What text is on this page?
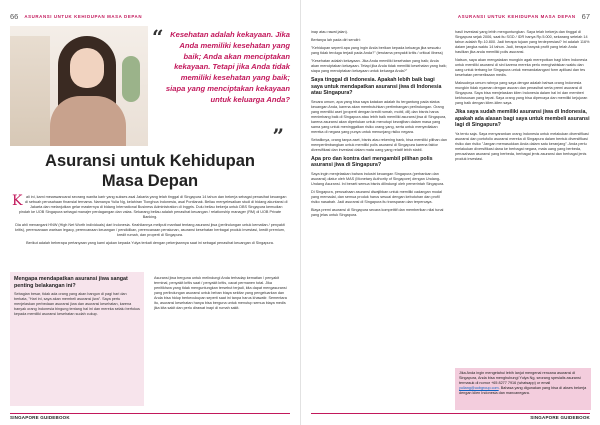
66 ASURANSI UNTUK KEHIDUPAN MASA DEPAN
“ Kesehatan adalah kekayaan. Jika Anda memiliki kesehatan yang baik; Anda akan menciptakan kekayaan. Tetapi jika Anda tidak memiliki kesehatan yang baik; siapa yang menciptakan kekayaan untuk keluarga Anda?
”
Asuransi untuk Kehidupan
Masa Depan

Kali ini, kami mewawancarai seorang wanita karir yang sukses asal Jakarta yang telah tinggal di Singapura 14 tahun dan bekerja sebagai penasihat keuangan di sebuah perusahaan finansial ternama. Namanya Yulia Ng, kelahiran Tionghoa Indonesia, asal Pontianak. Beliau menyelesaikan studi di bidang akuntansi di Jakarta dan melanjutkan gelar masternya di bidang International Business Administration di Inggris. Dulu beliau bekerja untuk DBS Singapura kemudian pindah ke UOB Singapura sebagai manajer perdagangan dan valas. Sekarang beliau adalah penasihat keuangan / relationship manager (RM) di UOB Private Banking.

Dia ahli menangani HNW (High Net Worth individuals) dari Indonesia. Keahliannya meliputi manfaat tentang asuransi jiwa (perlindungan untuk kematian / penyakit kritis), perencanaan warisan legacy, perencanaan keuangan / pendidikan, perencanaan pensiunan, asuransi kesehatan berbagai produk investasi, kredit premium, kredit rumah, dan properti di Singapura.

Berikut adalah beberapa pertanyaan yang kami ajukan kepada Yulya terkait dengan pekerjaannya saat ini sebagai penasihat keuangan di Singapura.

Mengapa mendapatkan asuransi jiwa sangat penting belakangan ini?
Sebagian besar, tidak ada orang yang akan bangun di pagi hari dan berkata, "Hari ini, saya akan membeli asuransi jiwa". Saya pertu menjelaskan perbedaan asuransi jiwa dan asuransi kesehatan, karena banyak orang Indonesia bingung tentang hal ini dan mereka selalu berfokus kepada memiliki asuransi kesehatan sudah cukup.
Asuransi jiwa berguna untuk melindungi Anda terhadap kematian / penyakit terminal, penyakit kritis saat / penyakit kritis, cacat permanen total. Jika penitikhwa yang tidak menguntungkan tersebut terjadi, kita dapat mengasuransi yang perlindungan asuransi untuk beban biaya sekitar yang pengeluarkan dan Anda bisa hidup berkecukupan seperti saat ini tanpa harus khawatir. Sementara itu, asuransi kesehatan hanya bisa berguna untuk menutup semua biaya medis jika kita sakit dan perlu dirawat inapi di rumah sakit.
SINGAPORE GUIDEBOOK
ASURANSI UNTUK KEHIDUPAN MASA DEPAN 67
inap atau rawat jalan).
Bertanya lah pada diri sendiri:
"Kehidupan seperti apa yang ingin Anda berikan kepada keluarga jika sesuatu yang tidak terduga terjadi pada Anda?" (terutama penyakit kritis / critical illness)
"Kesehatan adalah kekayaan. Jika Anda memiliki kesehatan yang baik; Anda akan menciptakan kekayaan. Tetapi jika Anda tidak memiliki kesehatan yang baik; siapa yang menciptakan kekayaan untuk keluarga Anda?"
Saya tinggal di Indonesia. Apakah lebih baik bagi saya untuk mendapatkan asuransi jiwa di Indonesia atau Singapura?
Secara umum, apa yang bisa saya katakan adalah itu tergantung pada status keuangan Anda, karena akan membutuhkan pertimbangan perlindungan. Orang yang memiliki aset (properti dengan kredit rumah, mobil, dll) dan bisnis harus menimbang baik di Singapura atau lebih baik memiliki asuransi jiwa di Singapura, karena asuransi akan diperlukan untuk menutupi kewajiban dalam masa yang sama yang untuk meninggalkan risiko orang yang, serta untuk menyediakan mereka di negara yang punya untuk menunjang risiko negara.
Sebaliknya, orang tanpa aset, bisnis atau rekening bank, bisa memiliki pilihan dan mempertimbangkan untuk memiliki polis asuransi di Singapura karena faktor diversifikasi dan investasi dalam mata uang yang relatif lebih stabil.
Apa pro dan kontra dari mengambil pilihan polis asuransi jiwa di Singapura?
Saya ingin menjelaskan bahwa industri keuangan Singapura (perbankan dan asuransi) diatur oleh MAS (Monetary Authority of Singapore) dengan Undang-Undang Asuransi. Ini berarti semua bisnis dilindungi oleh pemerintah Singapura.
Di Singapura, perusahaan asuransi diwajibkan untuk memiliki cadangan modal yang memadai, dan semua produk harus sesuai dengan kebutuhan dan profil risiko nasabah. Jadi asuransi di Singapura itu transparan dan terpercaya.
Biaya premi asuransi di Singapura secara kompetitif dan memberikan nilai tunai yang jelas untuk Singapura.
hasil investasi yang lebih menguntungkan. Saya telah bekerja dan tinggal di Singapura sejak 2006, saat itu SGD / IDR hanya Rp.5.000, sekarang setelah 14 tahun adalah Rp.10.800. Jadi berapa tujuan yang terdepresiasi? Ini adalah 116% dalam jangka waktu 14 tahun. Jadi, berapa banyak profit yang telah Anda hasilkan jika anda memiliki polis asuransi.
Natsun, saya akan mengatakan mungkin agak merepotkan bagi klien Indonesia untuk memiliki asuransi di sini karena mereka perlu menghabiskan waktu dan uang untuk terbang ke Singapura untuk menandatangani form aplikasi dan tes kesehatan pemeriksaan medis.
Maksudnya umum rahnya yang saya dengar adalah bahwa orang Indonesia mungkin tidak nyaman dengan asuran dan penasihat serta premi asuransi di Singapura. Saya bisa menjelaskan klien Indonesia dalam hal ini dan memberi kekhususan yang tepat. Saya orang yang bisa dipercaya dan memiliki kejujuran yang baik dengan klien-klien saya.
Jika saya sudah memiliki asuransi jiwa di Indonesia, apakah ada alasan bagi saya untuk membeli asuransi lagi di Singapura?
Ya tentu saja. Saya menyarankan orang Indonesia untuk melakukan diversifikasi asuransi dan portofolio asuransi mereka di Singapura dalam bentuk diversifikasi risiko dan risiko "Jangan memasukkan Anda dalam satu keranjang". Anda perlu melakukan diversifikasi dana ke berbagai negara, mata uang yang berbeda, perusahaan asuransi yang berbeda, berbagai jenis asuransi dan berbagai jenis produk investasi.
Jika Anda ingin mengetahui lebih lanjut mengenai rencana asuransi di Singapura, Anda bisa menghubungi Yulya Ng, seorang spesialis asuransi termasuk di nomor +65 8277 7916 (whatsapp) or email yuliang@uobgroup.com. Bahasa yang digunakan yang bisa di akses bekerja dengan klien Indonesia dan mancanegara.
SINGAPORE GUIDEBOOK
